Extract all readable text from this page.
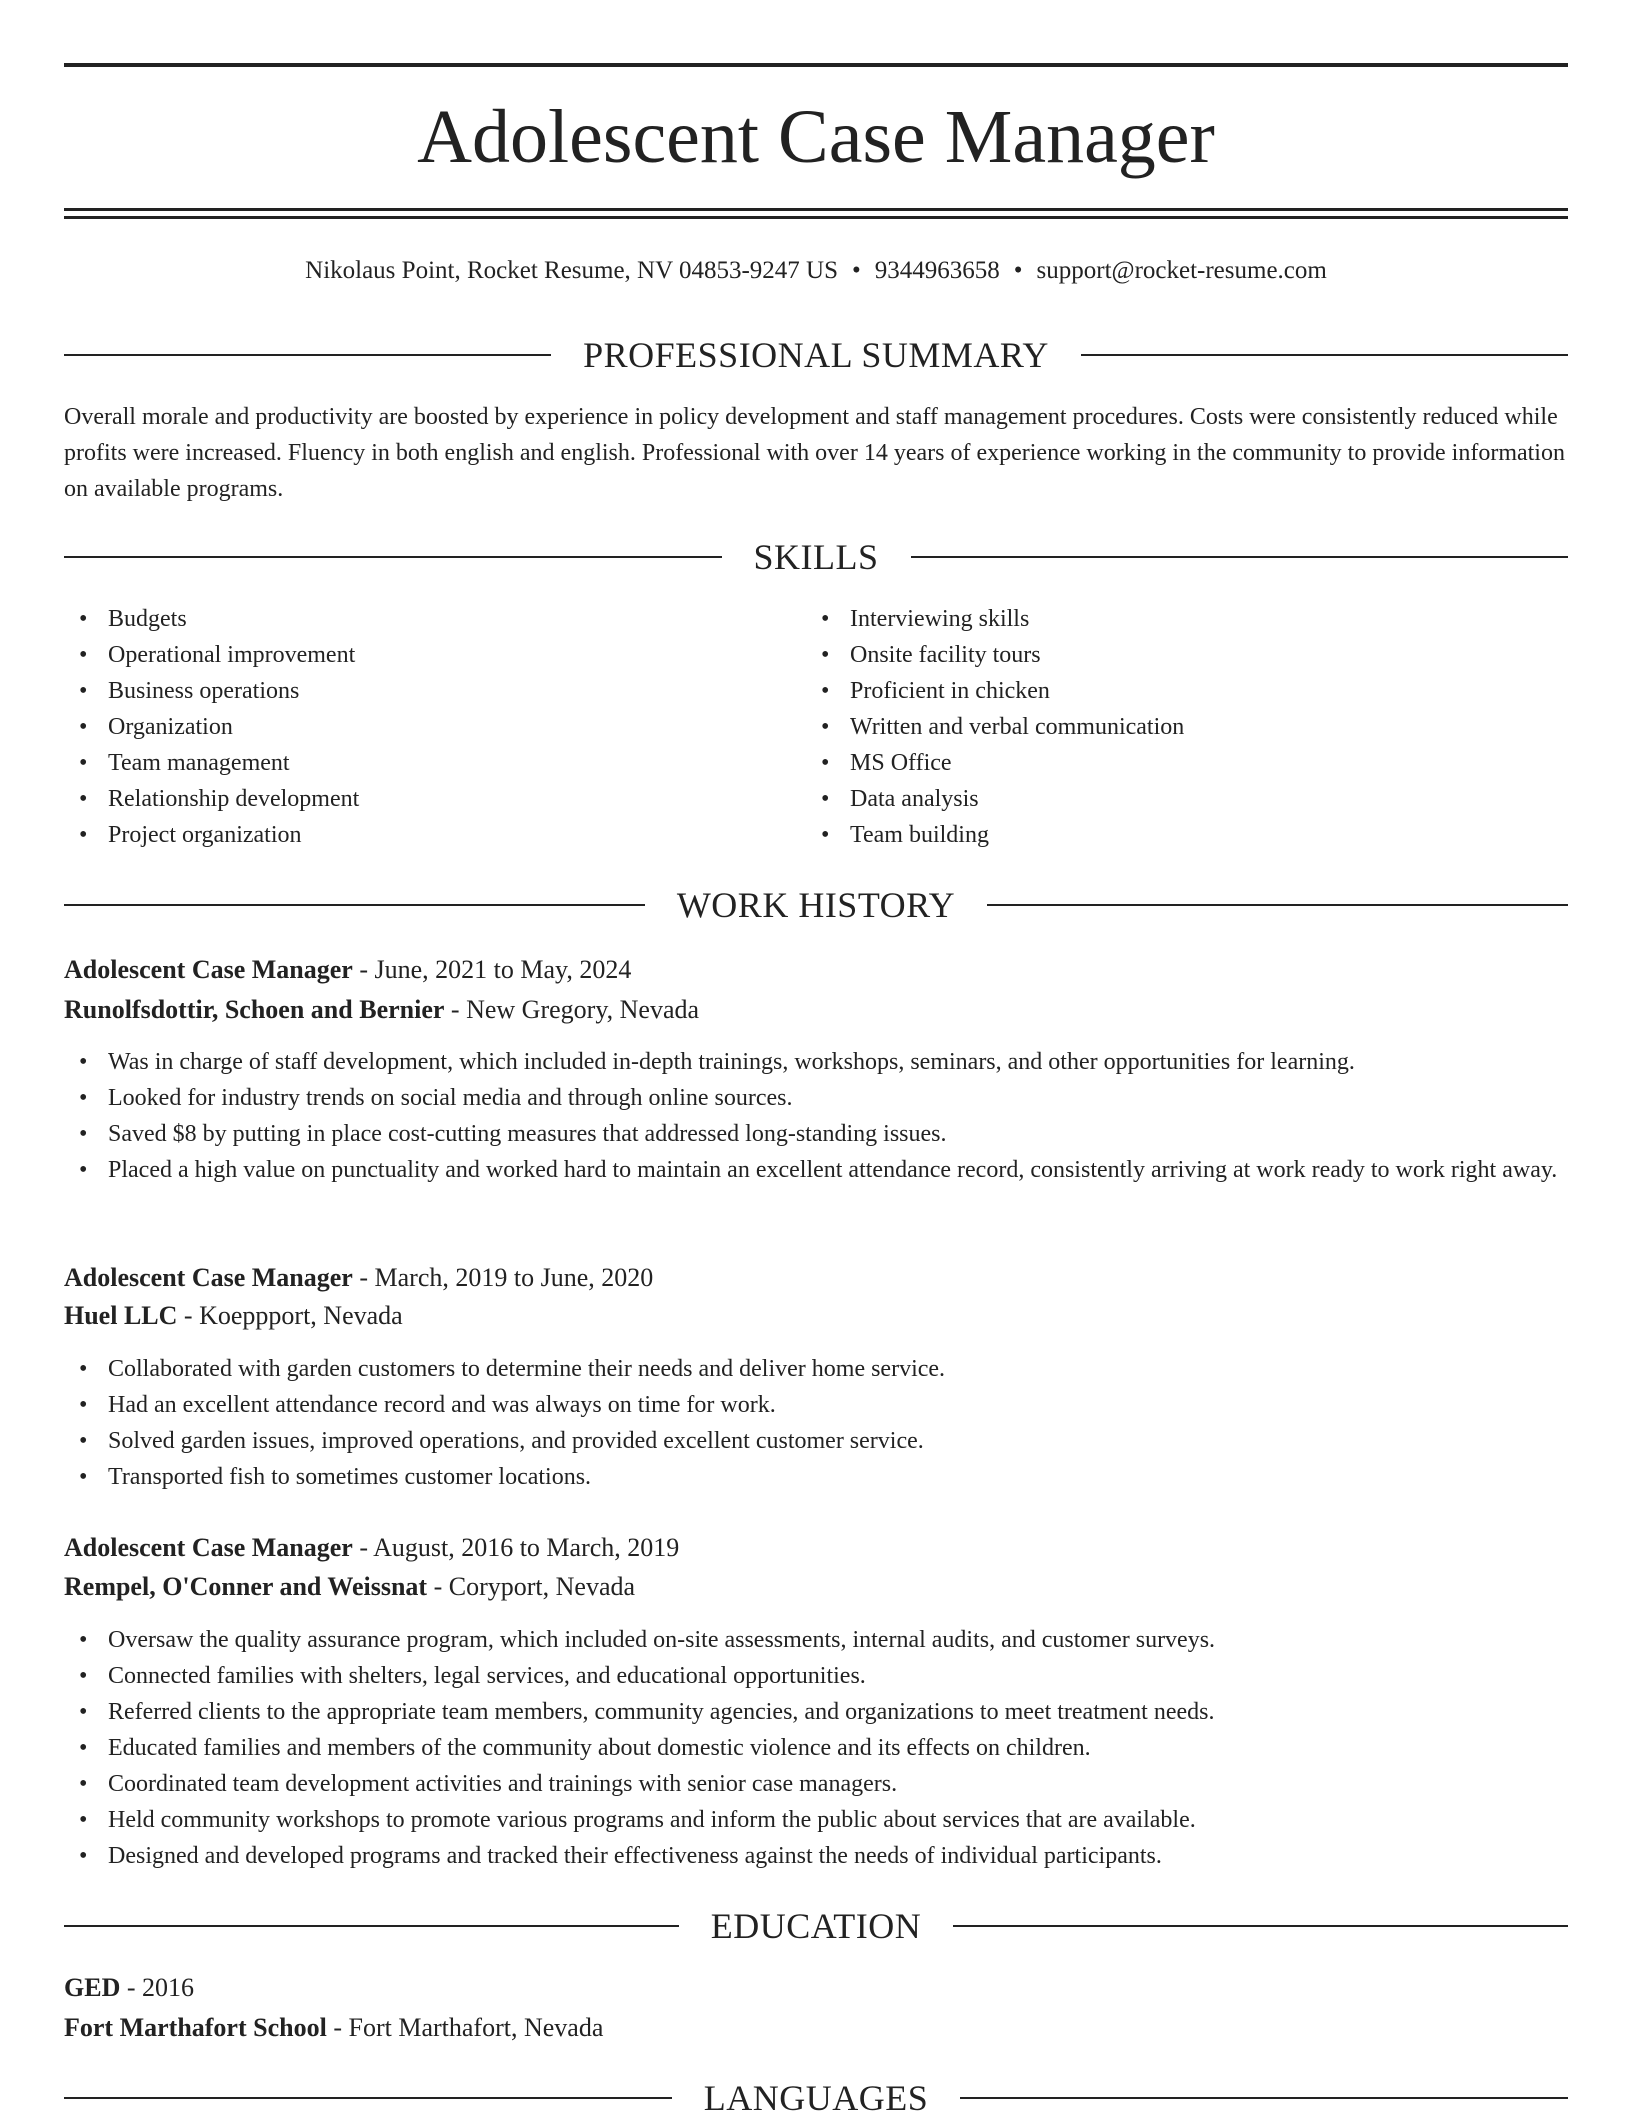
Adolescent Case Manager
Nikolaus Point, Rocket Resume, NV 04853-9247 US • 9344963658 • support@rocket-resume.com
PROFESSIONAL SUMMARY
Overall morale and productivity are boosted by experience in policy development and staff management procedures. Costs were consistently reduced while profits were increased. Fluency in both english and english. Professional with over 14 years of experience working in the community to provide information on available programs.
SKILLS
• Budgets
• Operational improvement
• Business operations
• Organization
• Team management
• Relationship development
• Project organization
• Interviewing skills
• Onsite facility tours
• Proficient in chicken
• Written and verbal communication
• MS Office
• Data analysis
• Team building
WORK HISTORY
Adolescent Case Manager - June, 2021 to May, 2024
Runolfsdottir, Schoen and Bernier - New Gregory, Nevada
• Was in charge of staff development, which included in-depth trainings, workshops, seminars, and other opportunities for learning.
• Looked for industry trends on social media and through online sources.
• Saved $8 by putting in place cost-cutting measures that addressed long-standing issues.
• Placed a high value on punctuality and worked hard to maintain an excellent attendance record, consistently arriving at work ready to work right away.
Adolescent Case Manager - March, 2019 to June, 2020
Huel LLC - Koeppport, Nevada
• Collaborated with garden customers to determine their needs and deliver home service.
• Had an excellent attendance record and was always on time for work.
• Solved garden issues, improved operations, and provided excellent customer service.
• Transported fish to sometimes customer locations.
Adolescent Case Manager - August, 2016 to March, 2019
Rempel, O'Conner and Weissnat - Coryport, Nevada
• Oversaw the quality assurance program, which included on-site assessments, internal audits, and customer surveys.
• Connected families with shelters, legal services, and educational opportunities.
• Referred clients to the appropriate team members, community agencies, and organizations to meet treatment needs.
• Educated families and members of the community about domestic violence and its effects on children.
• Coordinated team development activities and trainings with senior case managers.
• Held community workshops to promote various programs and inform the public about services that are available.
• Designed and developed programs and tracked their effectiveness against the needs of individual participants.
EDUCATION
GED - 2016
Fort Marthafort School - Fort Marthafort, Nevada
LANGUAGES
